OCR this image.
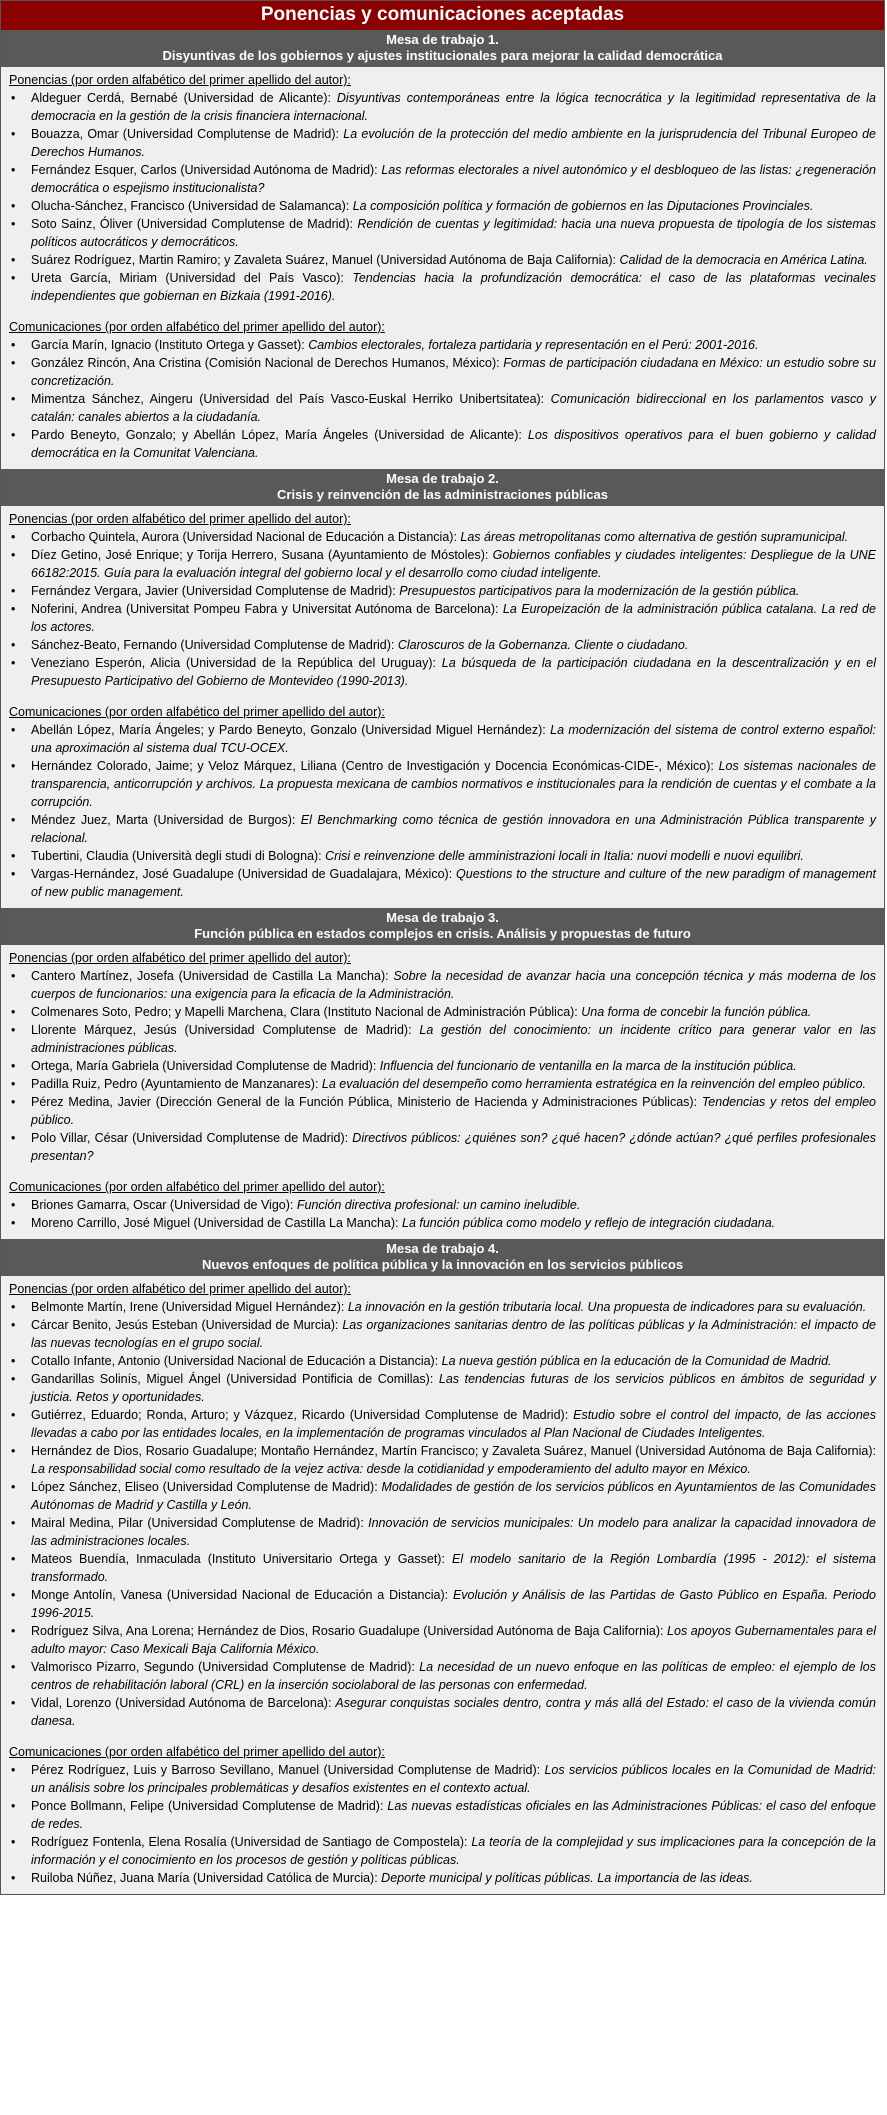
Ponencias y comunicaciones aceptadas
Mesa de trabajo 1.
Disyuntivas de los gobiernos y ajustes institucionales para mejorar la calidad democrática
Ponencias (por orden alfabético del primer apellido del autor):
• Aldeguer Cerdá, Bernabé (Universidad de Alicante): Disyuntivas contemporáneas entre la lógica tecnocrática y la legitimidad representativa de la democracia en la gestión de la crisis financiera internacional.
• Bouazza, Omar (Universidad Complutense de Madrid): La evolución de la protección del medio ambiente en la jurisprudencia del Tribunal Europeo de Derechos Humanos.
• Fernández Esquer, Carlos (Universidad Autónoma de Madrid): Las reformas electorales a nivel autonómico y el desbloqueo de las listas: ¿regeneración democrática o espejismo institucionalista?
• Olucha-Sánchez, Francisco (Universidad de Salamanca): La composición política y formación de gobiernos en las Diputaciones Provinciales.
• Soto Sainz, Óliver (Universidad Complutense de Madrid): Rendición de cuentas y legitimidad: hacia una nueva propuesta de tipología de los sistemas políticos autocráticos y democráticos.
• Suárez Rodríguez, Martin Ramiro; y Zavaleta Suárez, Manuel (Universidad Autónoma de Baja California): Calidad de la democracia en América Latina.
• Ureta García, Miriam (Universidad del País Vasco): Tendencias hacia la profundización democrática: el caso de las plataformas vecinales independientes que gobiernan en Bizkaia (1991-2016).
Comunicaciones (por orden alfabético del primer apellido del autor):
• García Marín, Ignacio (Instituto Ortega y Gasset): Cambios electorales, fortaleza partidaria y representación en el Perú: 2001-2016.
• González Rincón, Ana Cristina (Comisión Nacional de Derechos Humanos, México): Formas de participación ciudadana en México: un estudio sobre su concretización.
• Mimentza Sánchez, Aingeru (Universidad del País Vasco-Euskal Herriko Unibertsitatea): Comunicación bidireccional en los parlamentos vasco y catalán: canales abiertos a la ciudadanía.
• Pardo Beneyto, Gonzalo; y Abellán López, María Ángeles (Universidad de Alicante): Los dispositivos operativos para el buen gobierno y calidad democrática en la Comunitat Valenciana.
Mesa de trabajo 2.
Crisis y reinvención de las administraciones públicas
Ponencias (por orden alfabético del primer apellido del autor):
• Corbacho Quintela, Aurora (Universidad Nacional de Educación a Distancia): Las áreas metropolitanas como alternativa de gestión supramunicipal.
• Díez Getino, José Enrique; y Torija Herrero, Susana (Ayuntamiento de Móstoles): Gobiernos confiables y ciudades inteligentes: Despliegue de la UNE 66182:2015. Guía para la evaluación integral del gobierno local y el desarrollo como ciudad inteligente.
• Fernández Vergara, Javier (Universidad Complutense de Madrid): Presupuestos participativos para la modernización de la gestión pública.
• Noferini, Andrea (Universitat Pompeu Fabra y Universitat Autónoma de Barcelona): La Europeización de la administración pública catalana. La red de los actores.
• Sánchez-Beato, Fernando (Universidad Complutense de Madrid): Claroscuros de la Gobernanza. Cliente o ciudadano.
• Veneziano Esperón, Alicia (Universidad de la República del Uruguay): La búsqueda de la participación ciudadana en la descentralización y en el Presupuesto Participativo del Gobierno de Montevideo (1990-2013).
Comunicaciones (por orden alfabético del primer apellido del autor):
• Abellán López, María Ángeles; y Pardo Beneyto, Gonzalo (Universidad Miguel Hernández): La modernización del sistema de control externo español: una aproximación al sistema dual TCU-OCEX.
• Hernández Colorado, Jaime; y Veloz Márquez, Liliana (Centro de Investigación y Docencia Económicas-CIDE-, México): Los sistemas nacionales de transparencia, anticorrupción y archivos. La propuesta mexicana de cambios normativos e institucionales para la rendición de cuentas y el combate a la corrupción.
• Méndez Juez, Marta (Universidad de Burgos): El Benchmarking como técnica de gestión innovadora en una Administración Pública transparente y relacional.
• Tubertini, Claudia (Università degli studi di Bologna): Crisi e reinvenzione delle amministrazioni locali in Italia: nuovi modelli e nuovi equilibri.
• Vargas-Hernández, José Guadalupe (Universidad de Guadalajara, México): Questions to the structure and culture of the new paradigm of management of new public management.
Mesa de trabajo 3.
Función pública en estados complejos en crisis. Análisis y propuestas de futuro
Ponencias (por orden alfabético del primer apellido del autor):
• Cantero Martínez, Josefa (Universidad de Castilla La Mancha): Sobre la necesidad de avanzar hacia una concepción técnica y más moderna de los cuerpos de funcionarios: una exigencia para la eficacia de la Administración.
• Colmenares Soto, Pedro; y Mapelli Marchena, Clara (Instituto Nacional de Administración Pública): Una forma de concebir la función pública.
• Llorente Márquez, Jesús (Universidad Complutense de Madrid): La gestión del conocimiento: un incidente crítico para generar valor en las administraciones públicas.
• Ortega, María Gabriela (Universidad Complutense de Madrid): Influencia del funcionario de ventanilla en la marca de la institución pública.
• Padilla Ruiz, Pedro (Ayuntamiento de Manzanares): La evaluación del desempeño como herramienta estratégica en la reinvención del empleo público.
• Pérez Medina, Javier (Dirección General de la Función Pública, Ministerio de Hacienda y Administraciones Públicas): Tendencias y retos del empleo público.
• Polo Villar, César (Universidad Complutense de Madrid): Directivos públicos: ¿quiénes son? ¿qué hacen? ¿dónde actúan? ¿qué perfiles profesionales presentan?
Comunicaciones (por orden alfabético del primer apellido del autor):
• Briones Gamarra, Oscar (Universidad de Vigo): Función directiva profesional: un camino ineludible.
• Moreno Carrillo, José Miguel (Universidad de Castilla La Mancha): La función pública como modelo y reflejo de integración ciudadana.
Mesa de trabajo 4.
Nuevos enfoques de política pública y la innovación en los servicios públicos
Ponencias (por orden alfabético del primer apellido del autor):
• Belmonte Martín, Irene (Universidad Miguel Hernández): La innovación en la gestión tributaria local. Una propuesta de indicadores para su evaluación.
• Cárcar Benito, Jesús Esteban (Universidad de Murcia): Las organizaciones sanitarias dentro de las políticas públicas y la Administración: el impacto de las nuevas tecnologías en el grupo social.
• Cotallo Infante, Antonio (Universidad Nacional de Educación a Distancia): La nueva gestión pública en la educación de la Comunidad de Madrid.
• Gandarillas Solinís, Miguel Ángel (Universidad Pontificia de Comillas): Las tendencias futuras de los servicios públicos en ámbitos de seguridad y justicia. Retos y oportunidades.
• Gutiérrez, Eduardo; Ronda, Arturo; y Vázquez, Ricardo (Universidad Complutense de Madrid): Estudio sobre el control del impacto, de las acciones llevadas a cabo por las entidades locales, en la implementación de programas vinculados al Plan Nacional de Ciudades Inteligentes.
• Hernández de Dios, Rosario Guadalupe; Montaño Hernández, Martín Francisco; y Zavaleta Suárez, Manuel (Universidad Autónoma de Baja California): La responsabilidad social como resultado de la vejez activa: desde la cotidianidad y empoderamiento del adulto mayor en México.
• López Sánchez, Eliseo (Universidad Complutense de Madrid): Modalidades de gestión de los servicios públicos en Ayuntamientos de las Comunidades Autónomas de Madrid y Castilla y León.
• Mairal Medina, Pilar (Universidad Complutense de Madrid): Innovación de servicios municipales: Un modelo para analizar la capacidad innovadora de las administraciones locales.
• Mateos Buendía, Inmaculada (Instituto Universitario Ortega y Gasset): El modelo sanitario de la Región Lombardía (1995 - 2012): el sistema transformado.
• Monge Antolín, Vanesa (Universidad Nacional de Educación a Distancia): Evolución y Análisis de las Partidas de Gasto Público en España. Periodo 1996-2015.
• Rodríguez Silva, Ana Lorena; Hernández de Dios, Rosario Guadalupe (Universidad Autónoma de Baja California): Los apoyos Gubernamentales para el adulto mayor: Caso Mexicali Baja California México.
• Valmorisco Pizarro, Segundo (Universidad Complutense de Madrid): La necesidad de un nuevo enfoque en las políticas de empleo: el ejemplo de los centros de rehabilitación laboral (CRL) en la inserción sociolaboral de las personas con enfermedad.
• Vidal, Lorenzo (Universidad Autónoma de Barcelona): Asegurar conquistas sociales dentro, contra y más allá del Estado: el caso de la vivienda común danesa.
Comunicaciones (por orden alfabético del primer apellido del autor):
• Pérez Rodríguez, Luis y Barroso Sevillano, Manuel (Universidad Complutense de Madrid): Los servicios públicos locales en la Comunidad de Madrid: un análisis sobre los principales problemáticas y desafíos existentes en el contexto actual.
• Ponce Bollmann, Felipe (Universidad Complutense de Madrid): Las nuevas estadísticas oficiales en las Administraciones Públicas: el caso del enfoque de redes.
• Rodríguez Fontenla, Elena Rosalía (Universidad de Santiago de Compostela): La teoría de la complejidad y sus implicaciones para la concepción de la información y el conocimiento en los procesos de gestión y políticas públicas.
• Ruiloba Núñez, Juana María (Universidad Católica de Murcia): Deporte municipal y políticas públicas. La importancia de las ideas.
